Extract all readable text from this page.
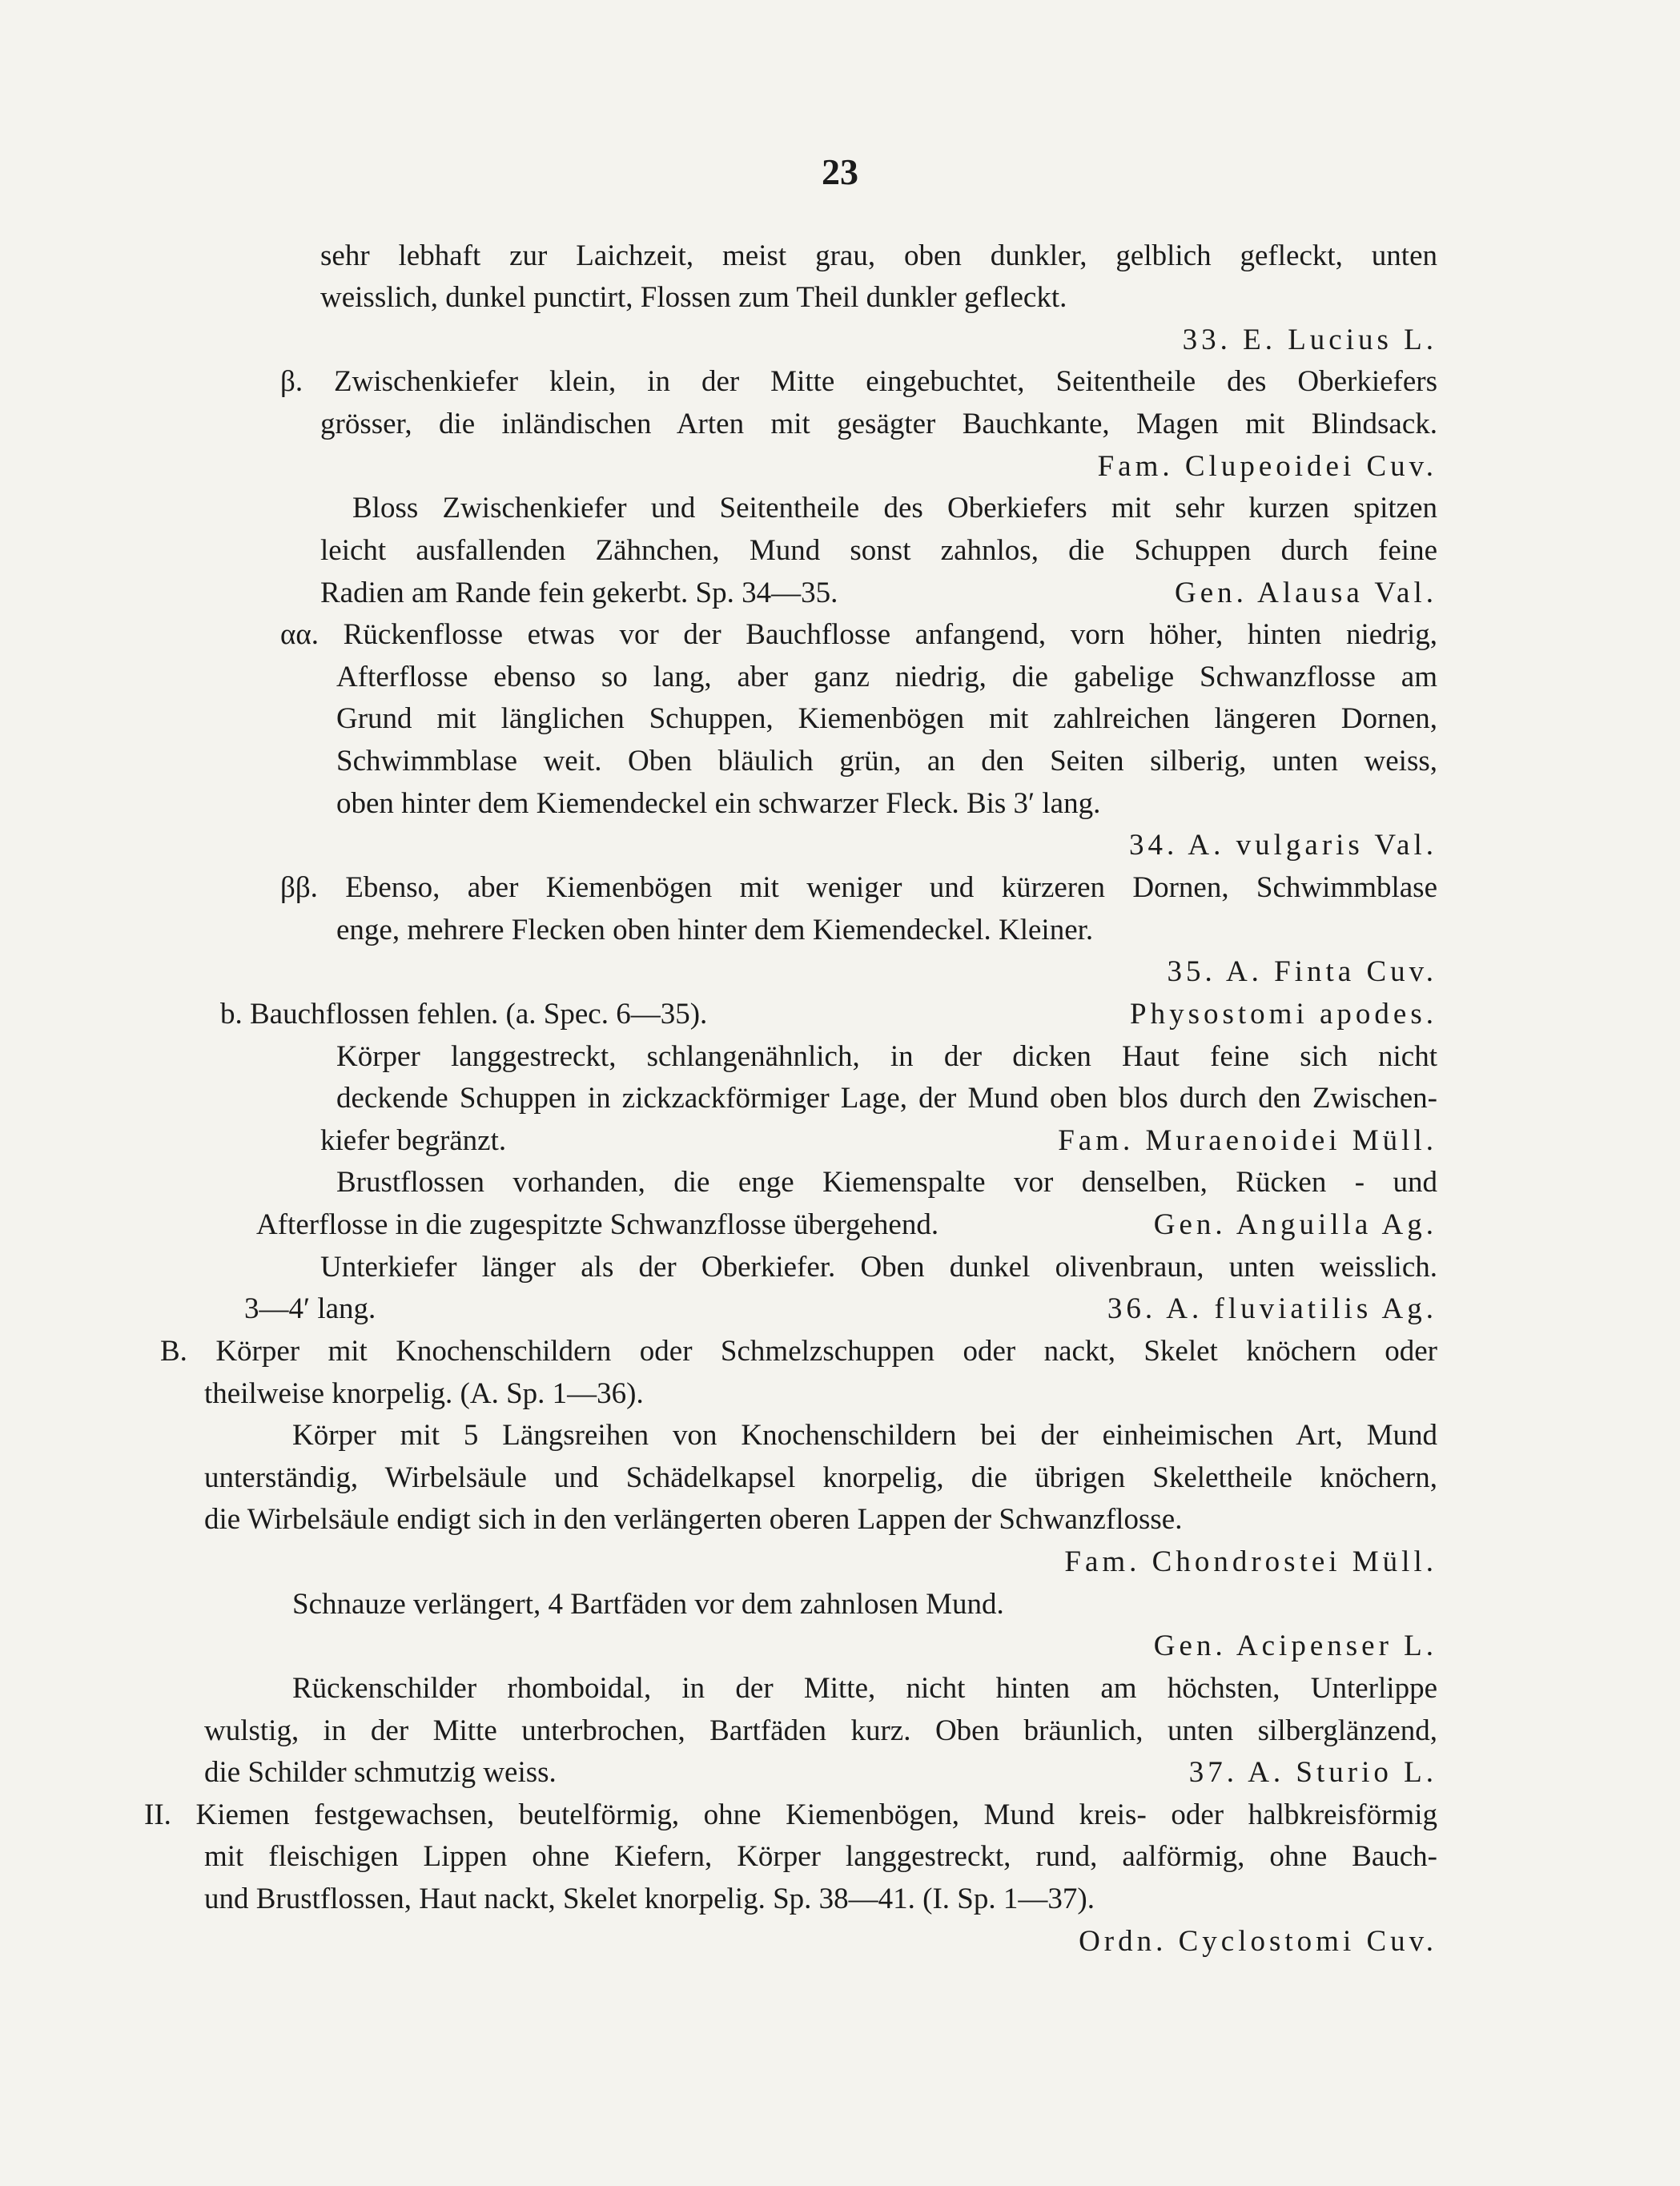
23
sehr lebhaft zur Laichzeit, meist grau, oben dunkler, gelblich gefleckt, unten
weisslich, dunkel punctirt, Flossen zum Theil dunkler gefleckt.
33. E. Lucius L.
β. Zwischenkiefer klein, in der Mitte eingebuchtet, Seitentheile des Oberkiefers
grösser, die inländischen Arten mit gesägter Bauchkante, Magen mit Blindsack.
Fam. Clupeoidei Cuv.
Bloss Zwischenkiefer und Seitentheile des Oberkiefers mit sehr kurzen spitzen
leicht ausfallenden Zähnchen, Mund sonst zahnlos, die Schuppen durch feine
Radien am Rande fein gekerbt. Sp. 34—35.	Gen. Alausa Val.
αα. Rückenflosse etwas vor der Bauchflosse anfangend, vorn höher, hinten niedrig,
Afterflosse ebenso so lang, aber ganz niedrig, die gabelige Schwanzflosse am
Grund mit länglichen Schuppen, Kiemenbögen mit zahlreichen längeren Dornen,
Schwimmblase weit. Oben bläulich grün, an den Seiten silberig, unten weiss,
oben hinter dem Kiemendeckel ein schwarzer Fleck. Bis 3′ lang.
34. A. vulgaris Val.
ββ. Ebenso, aber Kiemenbögen mit weniger und kürzeren Dornen, Schwimmblase
enge, mehrere Flecken oben hinter dem Kiemendeckel. Kleiner.
35. A. Finta Cuv.
b. Bauchflossen fehlen. (a. Spec. 6—35).	Physostomi apodes.
Körper langgestreckt, schlangenähnlich, in der dicken Haut feine sich nicht
deckende Schuppen in zickzackförmiger Lage, der Mund oben blos durch den Zwischen-
kiefer begränzt.	Fam. Muraenoidei Müll.
Brustflossen vorhanden, die enge Kiemenspalte vor denselben, Rücken - und
Afterflosse in die zugespitzte Schwanzflosse übergehend.	Gen. Anguilla Ag.
Unterkiefer länger als der Oberkiefer. Oben dunkel olivenbraun, unten weisslich.
3—4′ lang.	36. A. fluviatilis Ag.
B. Körper mit Knochenschildern oder Schmelzschuppen oder nackt, Skelet knöchern oder
theilweise knorpelig. (A. Sp. 1—36).
Körper mit 5 Längsreihen von Knochenschildern bei der einheimischen Art, Mund
unterständig, Wirbelsäule und Schädelkapsel knorpelig, die übrigen Skelettheile knöchern,
die Wirbelsäule endigt sich in den verlängerten oberen Lappen der Schwanzflosse.
Fam. Chondrostei Müll.
Schnauze verlängert, 4 Bartfäden vor dem zahnlosen Mund.
Gen. Acipenser L.
Rückenschilder rhomboidal, in der Mitte, nicht hinten am höchsten, Unterlippe
wulstig, in der Mitte unterbrochen, Bartfäden kurz. Oben bräunlich, unten silberglänzend,
die Schilder schmutzig weiss.	37. A. Sturio L.
II. Kiemen festgewachsen, beutelförmig, ohne Kiemenbögen, Mund kreis- oder halbkreisförmig
mit fleischigen Lippen ohne Kiefern, Körper langgestreckt, rund, aalförmig, ohne Bauch-
und Brustflossen, Haut nackt, Skelet knorpelig. Sp. 38—41. (I. Sp. 1—37).
Ordn. Cyclostomi Cuv.
